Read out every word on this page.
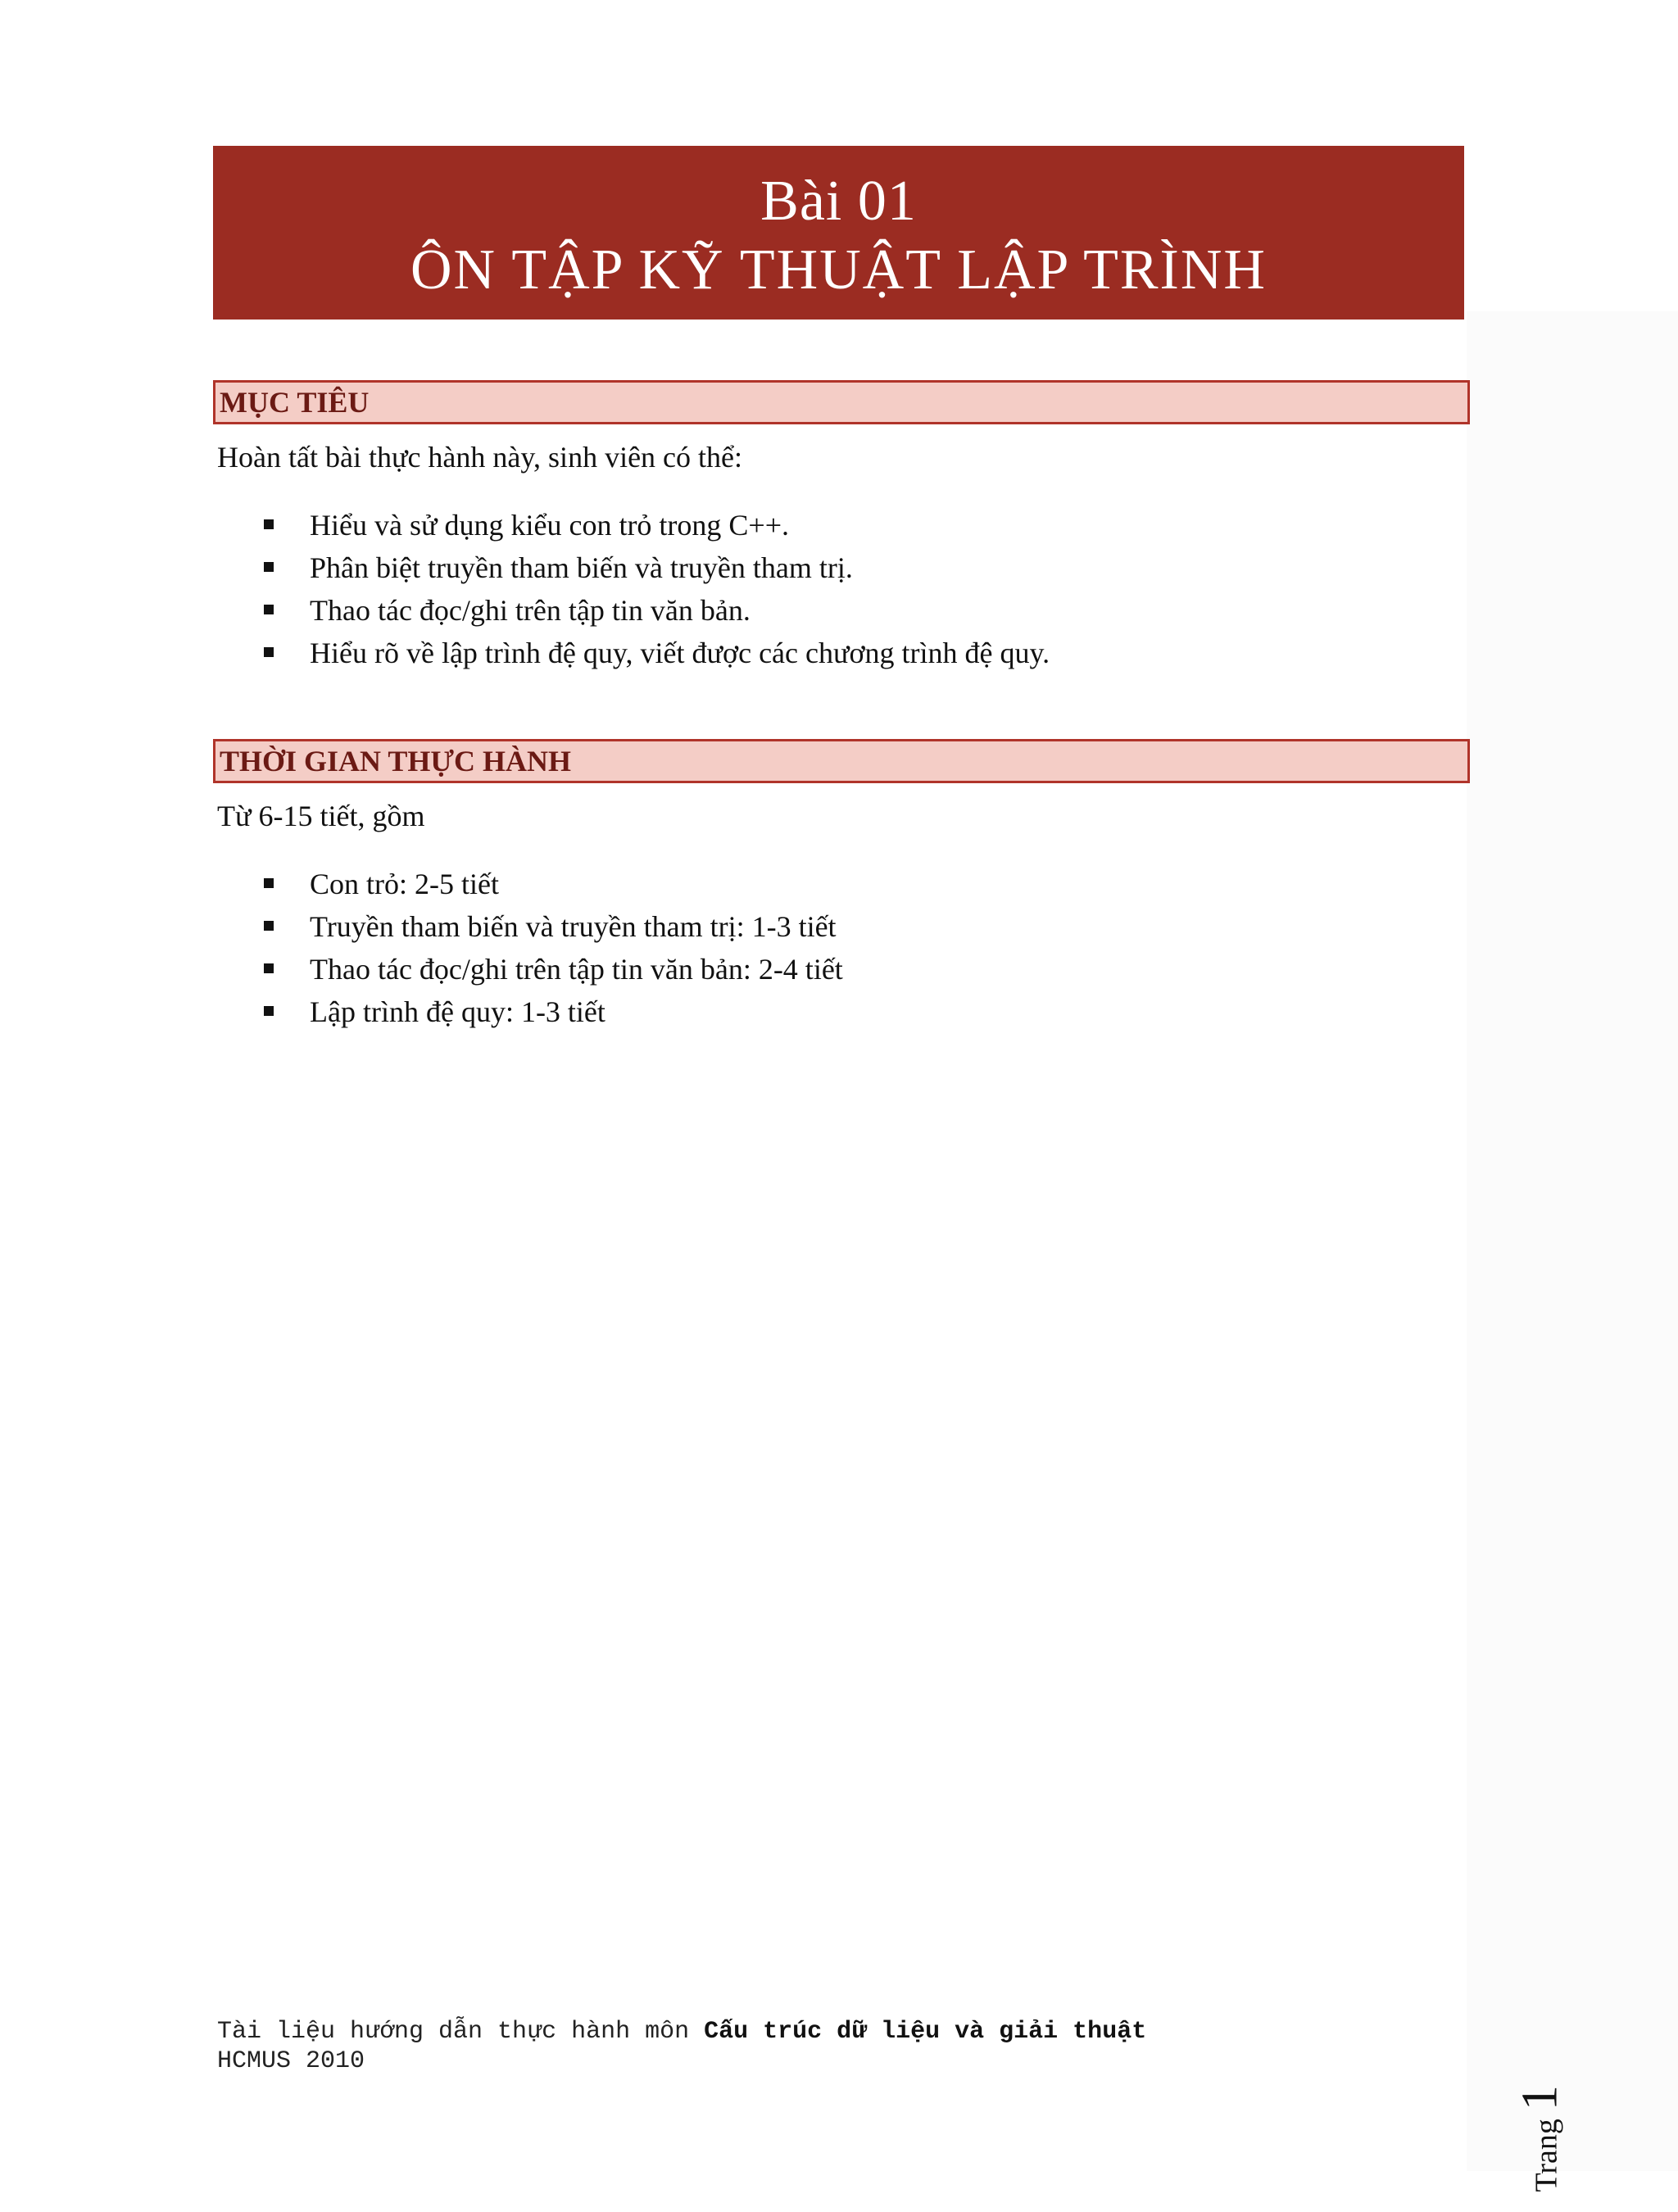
Bài 01
ÔN TẬP KỸ THUẬT LẬP TRÌNH
MỤC TIÊU
Hoàn tất bài thực hành này, sinh viên có thể:
Hiểu và sử dụng kiểu con trỏ trong C++.
Phân biệt truyền tham biến và truyền tham trị.
Thao tác đọc/ghi trên tập tin văn bản.
Hiểu rõ về lập trình đệ quy, viết được các chương trình đệ quy.
THỜI GIAN THỰC HÀNH
Từ 6-15 tiết, gồm
Con trỏ: 2-5 tiết
Truyền tham biến và truyền tham trị: 1-3 tiết
Thao tác đọc/ghi trên tập tin văn bản: 2-4 tiết
Lập trình đệ quy: 1-3 tiết
Trang1
Tài liệu hướng dẫn thực hành môn Cấu trúc dữ liệu và giải thuật
HCMUS 2010
